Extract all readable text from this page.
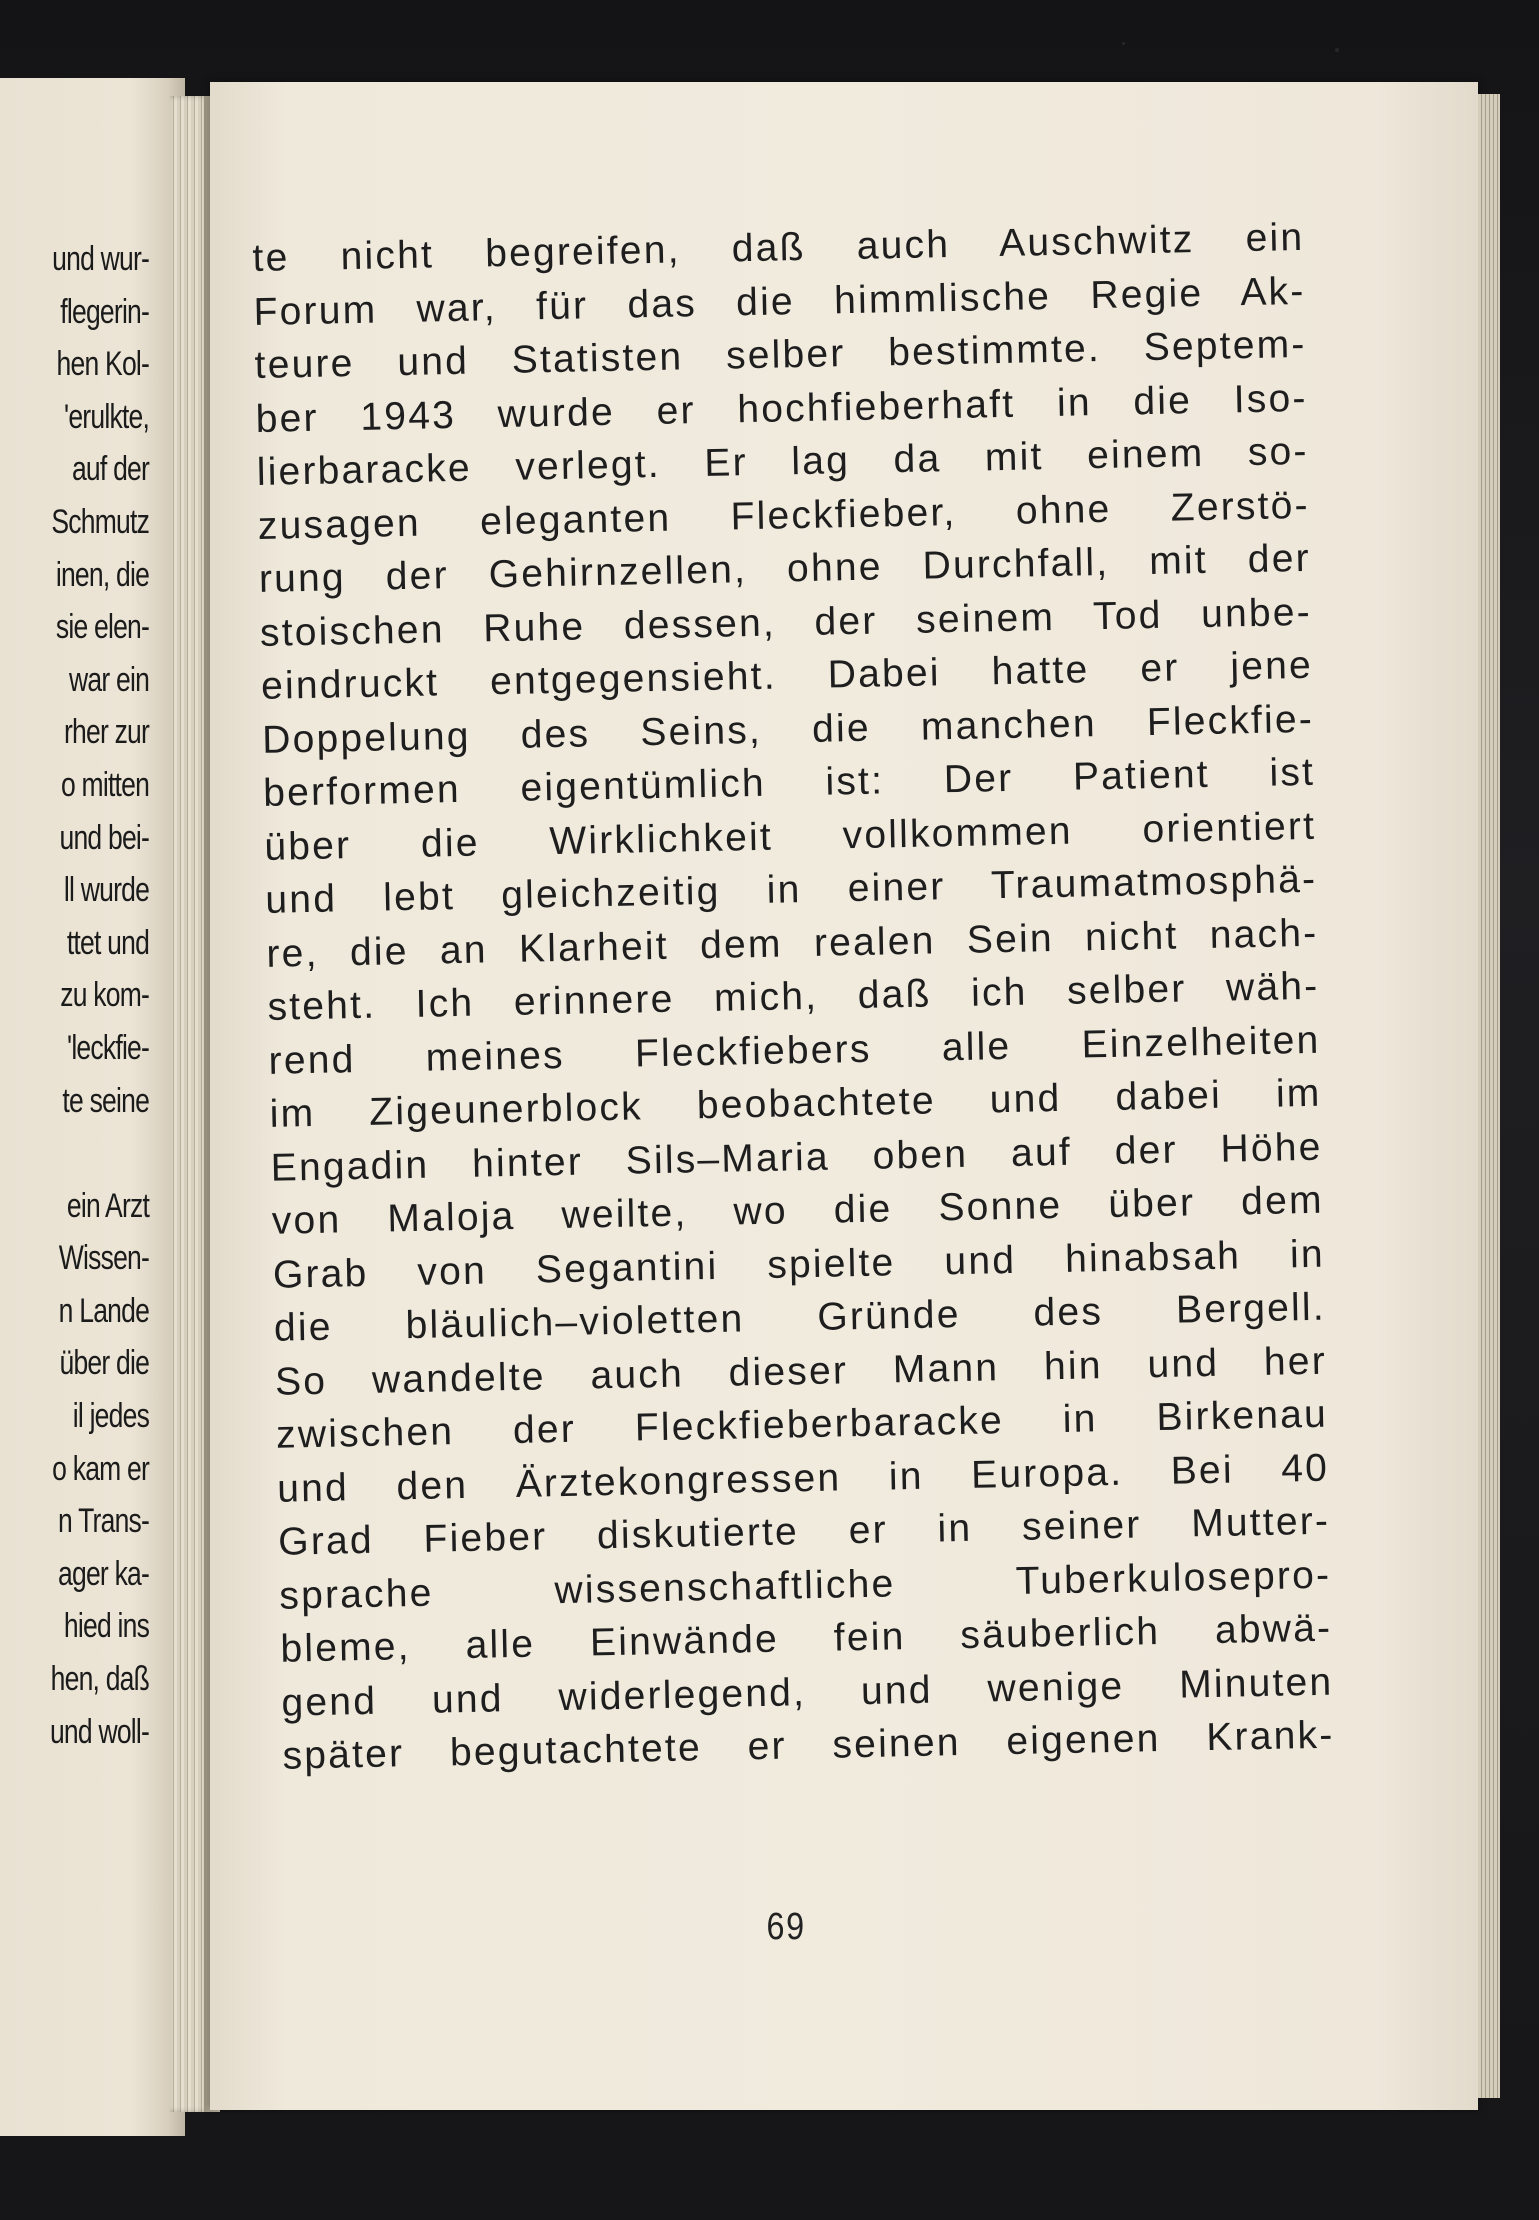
und wur-
flegerin-
hen Kol-
'erulkte,
auf der
Schmutz
inen, die
sie elen-
war ein
rher zur
o mitten
und bei-
ll wurde
ttet und
zu kom-
'leckfie-
te seine
ein Arzt
Wissen-
n Lande
über die
il jedes
o kam er
n Trans-
ager ka-
hied ins
hen, daß
und woll-
te nicht begreifen, daß auch Auschwitz ein
Forum war, für das die himmlische Regie Ak-
teure und Statisten selber bestimmte. Septem-
ber 1943 wurde er hochfieberhaft in die Iso-
lierbaracke verlegt. Er lag da mit einem so-
zusagen eleganten Fleckfieber, ohne Zerstö-
rung der Gehirnzellen, ohne Durchfall, mit der
stoischen Ruhe dessen, der seinem Tod unbe-
eindruckt entgegensieht. Dabei hatte er jene
Doppelung des Seins, die manchen Fleckfie-
berformen eigentümlich ist: Der Patient ist
über die Wirklichkeit vollkommen orientiert
und lebt gleichzeitig in einer Traumatmosphä-
re, die an Klarheit dem realen Sein nicht nach-
steht. Ich erinnere mich, daß ich selber wäh-
rend meines Fleckfiebers alle Einzelheiten
im Zigeunerblock beobachtete und dabei im
Engadin hinter Sils–Maria oben auf der Höhe
von Maloja weilte, wo die Sonne über dem
Grab von Segantini spielte und hinabsah in
die bläulich–violetten Gründe des Bergell.
So wandelte auch dieser Mann hin und her
zwischen der Fleckfieberbaracke in Birkenau
und den Ärztekongressen in Europa. Bei 40
Grad Fieber diskutierte er in seiner Mutter-
sprache wissenschaftliche Tuberkulosepro-
bleme, alle Einwände fein säuberlich abwä-
gend und widerlegend, und wenige Minuten
später begutachtete er seinen eigenen Krank-
69
